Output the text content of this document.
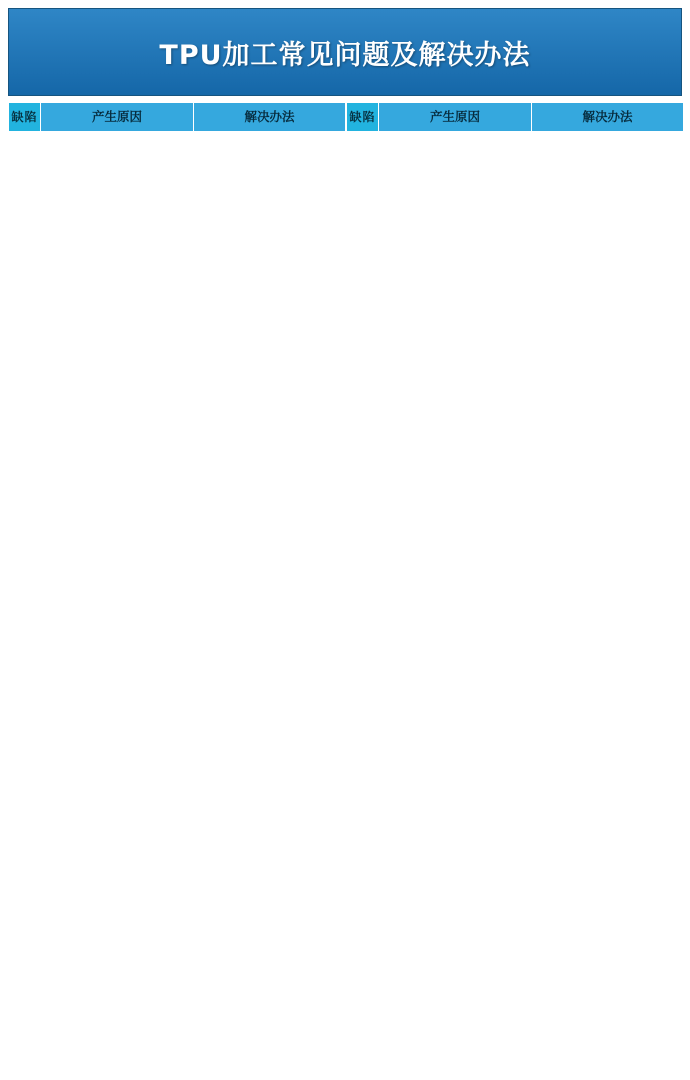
TPU加工常见问题及解决办法
缺陷	产生原因	解决办法	缺陷	产生原因	解决办法
